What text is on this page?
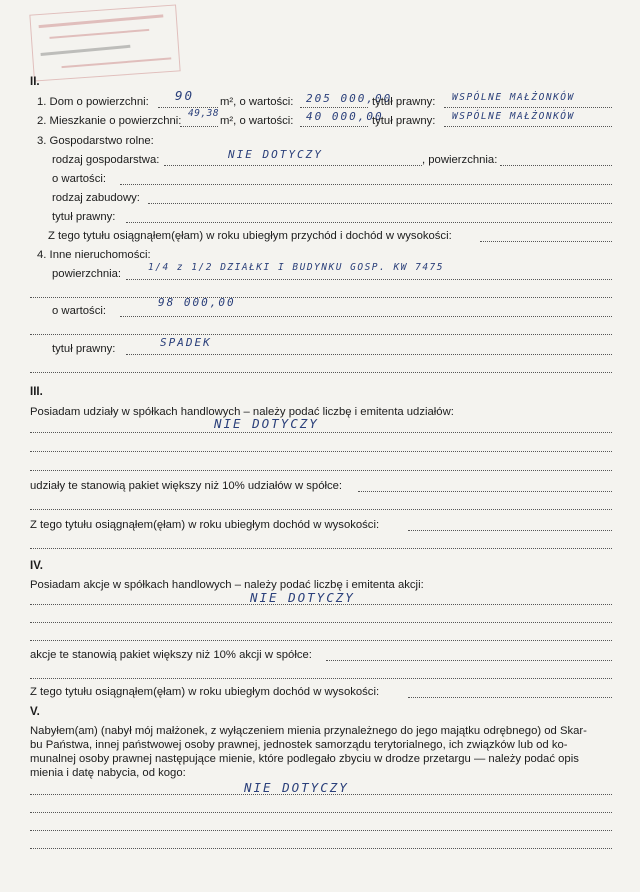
II.
1. Dom o powierzchni: 90 m², o wartości: 205 000,00
tytuł prawny: WSPÓLNE MAŁŻONKÓW
2. Mieszkanie o powierzchni:
49,38
m², o wartości: 40 000,00
tytuł prawny: WSPÓLNE MAŁŻONKÓW
3. Gospodarstwo rolne:
rodzaj gospodarstwa:	NIE DOTYCZY	, powierzchnia:
o wartości:
rodzaj zabudowy:
tytuł prawny:
Z tego tytułu osiągnąłem(ęłam) w roku ubiegłym przychód i dochód w wysokości:
4. Inne nieruchomości:
powierzchnia:
1/4 z 1/2 DZIAŁKI I BUDYNKU GOSP. KW 7475
o wartości:
98 000,00
tytuł prawny:	SPADEK
III.
Posiadam udziały w spółkach handlowych – należy podać liczbę i emitenta udziałów:
NIE DOTYCZY
udziały te stanowią pakiet większy niż 10% udziałów w spółce:
Z tego tytułu osiągnąłem(ęłam) w roku ubiegłym dochód w wysokości:
IV.
Posiadam akcje w spółkach handlowych – należy podać liczbę i emitenta akcji:
NIE DOTYCZY
akcje te stanowią pakiet większy niż 10% akcji w spółce:
Z tego tytułu osiągnąłem(ęłam) w roku ubiegłym dochód w wysokości:
V.
Nabyłem(am) (nabył mój małżonek, z wyłączeniem mienia przynależnego do jego majątku odrębnego) od Skar-
bu Państwa, innej państwowej osoby prawnej, jednostek samorządu terytorialnego, ich związków lub od ko-
munalnej osoby prawnej następujące mienie, które podlegało zbyciu w drodze przetargu — należy podać opis
mienia i datę nabycia, od kogo:
NIE DOTYCZY
